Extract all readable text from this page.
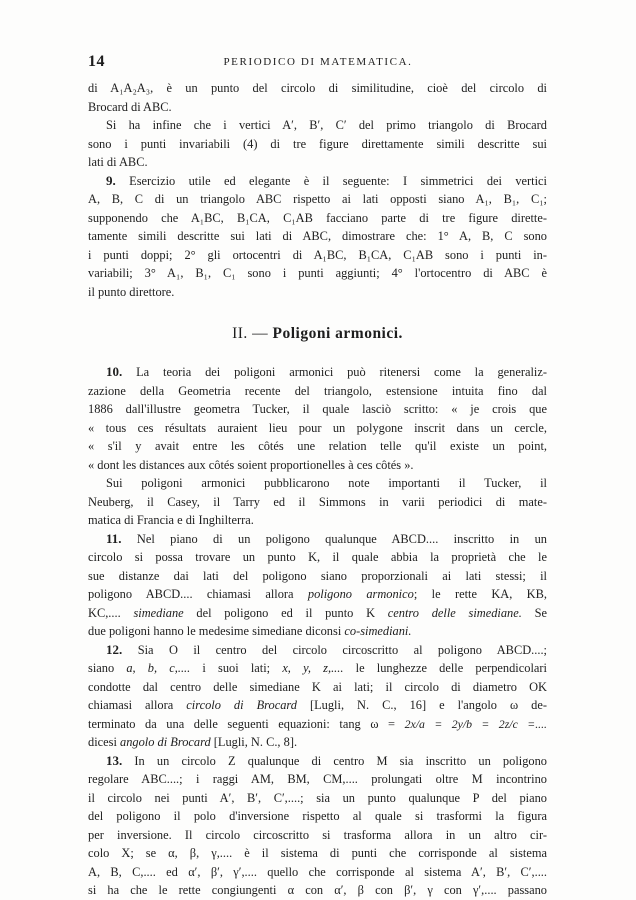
14	PERIODICO DI MATEMATICA.
di A₁A₂A₃, è un punto del circolo di similitudine, cioè del circolo di
Brocard di ABC.
Si ha infine che i vertici A′, B′, C′ del primo triangolo di Brocard
sono i punti invariabili (4) di tre figure direttamente simili descritte sui
lati di ABC.
9. Esercizio utile ed elegante è il seguente: I simmetrici dei vertici
A, B, C di un triangolo ABC rispetto ai lati opposti siano A₁, B₁, C₁;
supponendo che A₁BC, B₁CA, C₁AB facciano parte di tre figure dirette-
tamente simili descritte sui lati di ABC, dimostrare che: 1° A, B, C sono
i punti doppi; 2° gli ortocentri di A₁BC, B₁CA, C₁AB sono i punti in-
variabili; 3° A₁, B₁, C₁ sono i punti aggiunti; 4° l'ortocentro di ABC è
il punto direttore.
II. — Poligoni armonici.
10. La teoria dei poligoni armonici può ritenersi come la generaliz-
zazione della Geometria recente del triangolo, estensione intuita fino dal
1886 dall'illustre geometra Tucker, il quale lasciò scritto: « je crois que
« tous ces résultats auraient lieu pour un polygone inscrit dans un cercle,
« s'il y avait entre les côtés une relation telle qu'il existe un point,
« dont les distances aux côtés soient proportionelles à ces côtés ».
Sui poligoni armonici pubblicarono note importanti il Tucker, il
Neuberg, il Casey, il Tarry ed il Simmons in varii periodici di mate-
matica di Francia e di Inghilterra.
11. Nel piano di un poligono qualunque ABCD.... inscritto in un
circolo si possa trovare un punto K, il quale abbia la proprietà che le
sue distanze dai lati del poligono siano proporzionali ai lati stessi; il
poligono ABCD.... chiamasi allora poligono armonico; le rette KA, KB,
KC,.... simediane del poligono ed il punto K centro delle simediane. Se
due poligoni hanno le medesime simediane diconsi co-simediani.
12. Sia O il centro del circolo circoscritto al poligono ABCD....;
siano a, b, c,.... i suoi lati; x, y, z,.... le lunghezze delle perpendicolari
condotte dal centro delle simediane K ai lati; il circolo di diametro OK
chiamasi allora circolo di Brocard [Lugli, N. C., 16] e l'angolo ω de-
terminato da una delle seguenti equazioni: tang ω = 2x/a = 2y/b = 2z/c =....
dicesi angolo di Brocard [Lugli, N. C., 8].
13. In un circolo Z qualunque di centro M sia inscritto un poligono
regolare ABC....; i raggi AM, BM, CM,.... prolungati oltre M incontrino
il circolo nei punti A′, B′, C′,....; sia un punto qualunque P del piano
del poligono il polo d'inversione rispetto al quale si trasformi la figura
per inversione. Il circolo circoscritto si trasforma allora in un altro cir-
colo X; se α, β, γ,.... è il sistema di punti che corrisponde al sistema
A, B, C,.... ed α′, β′, γ′,.... quello che corrisponde al sistema A′, B′, C′,....
si ha che le rette congiungenti α con α′, β con β′, γ con γ′,.... passano
